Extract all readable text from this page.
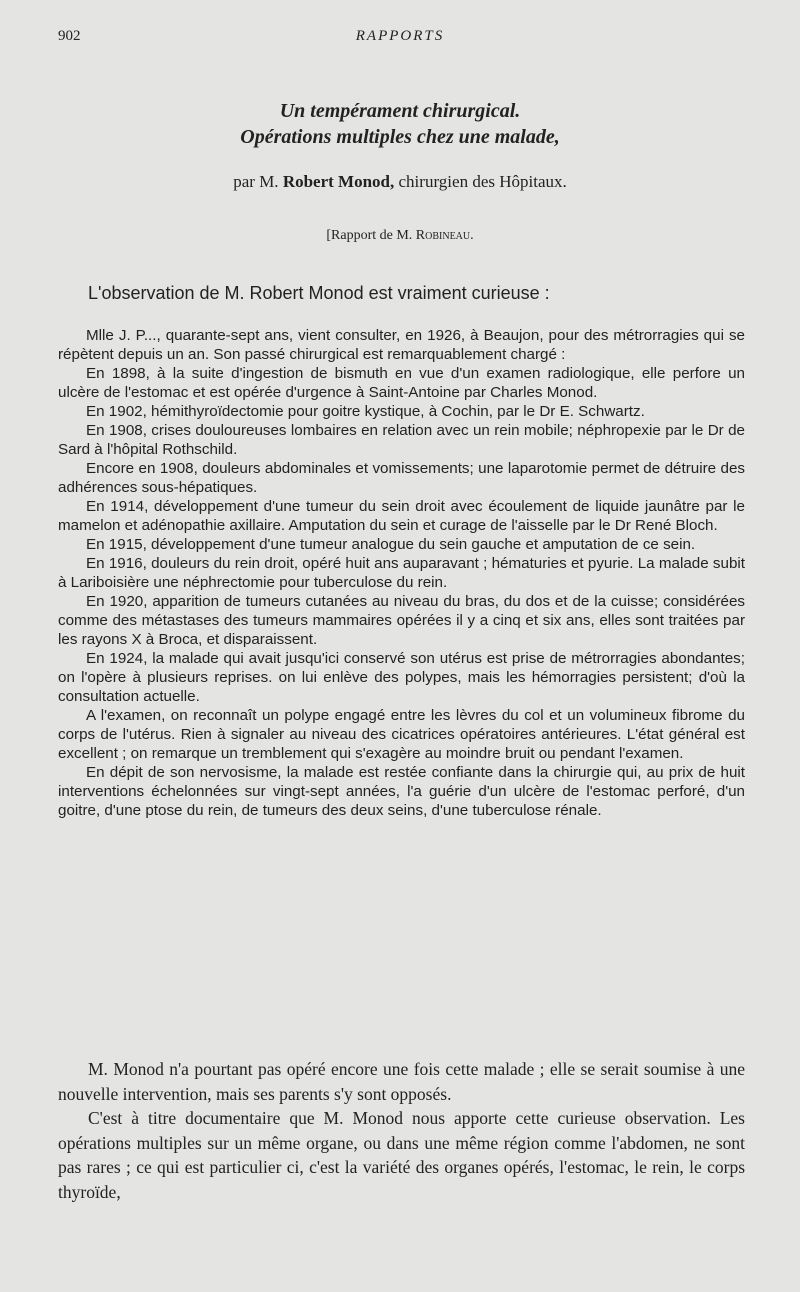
902	RAPPORTS

Un tempérament chirurgical.

Opérations multiples chez une malade,

par M. Robert Monod, chirurgien des Hôpitaux.
[Rapport de M. Robineau.
L'observation de M. Robert Monod est vraiment curieuse :

Mlle J. P..., quarante-sept ans, vient consulter, en 1926, à Beaujon, pour des métrorragies qui se répètent depuis un an. Son passé chirurgical est remarquablement chargé :

En 1898, à la suite d'ingestion de bismuth en vue d'un examen radiologique, elle perfore un ulcère de l'estomac et est opérée d'urgence à Saint-Antoine par Charles Monod.

En 1902, hémithyroïdectomie pour goitre kystique, à Cochin, par le Dr E. Schwartz.

En 1908, crises douloureuses lombaires en relation avec un rein mobile; néphropexie par le Dr de Sard à l'hôpital Rothschild.

Encore en 1908, douleurs abdominales et vomissements; une laparotomie permet de détruire des adhérences sous-hépatiques.

En 1914, développement d'une tumeur du sein droit avec écoulement de liquide jaunâtre par le mamelon et adénopathie axillaire. Amputation du sein et curage de l'aisselle par le Dr René Bloch.

En 1915, développement d'une tumeur analogue du sein gauche et amputation de ce sein.

En 1916, douleurs du rein droit, opéré huit ans auparavant ; hématuries et pyurie. La malade subit à Lariboisière une néphrectomie pour tuberculose du rein.

En 1920, apparition de tumeurs cutanées au niveau du bras, du dos et de la cuisse; considérées comme des métastases des tumeurs mammaires opérées il y a cinq et six ans, elles sont traitées par les rayons X à Broca, et disparaissent.

En 1924, la malade qui avait jusqu'ici conservé son utérus est prise de métrorragies abondantes; on l'opère à plusieurs reprises. on lui enlève des polypes, mais les hémorragies persistent; d'où la consultation actuelle.

A l'examen, on reconnaît un polype engagé entre les lèvres du col et un volumineux fibrome du corps de l'utérus. Rien à signaler au niveau des cicatrices opératoires antérieures. L'état général est excellent ; on remarque un tremblement qui s'exagère au moindre bruit ou pendant l'examen.

En dépit de son nervosisme, la malade est restée confiante dans la chirurgie qui, au prix de huit interventions échelonnées sur vingt-sept années, l'a guérie d'un ulcère de l'estomac perforé, d'un goitre, d'une ptose du rein, de tumeurs des deux seins, d'une tuberculose rénale.

M. Monod n'a pourtant pas opéré encore une fois cette malade ; elle se serait soumise à une nouvelle intervention, mais ses parents s'y sont opposés.

C'est à titre documentaire que M. Monod nous apporte cette curieuse observation. Les opérations multiples sur un même organe, ou dans une même région comme l'abdomen, ne sont pas rares ; ce qui est particulier ci, c'est la variété des organes opérés, l'estomac, le rein, le corps thyroïde,
